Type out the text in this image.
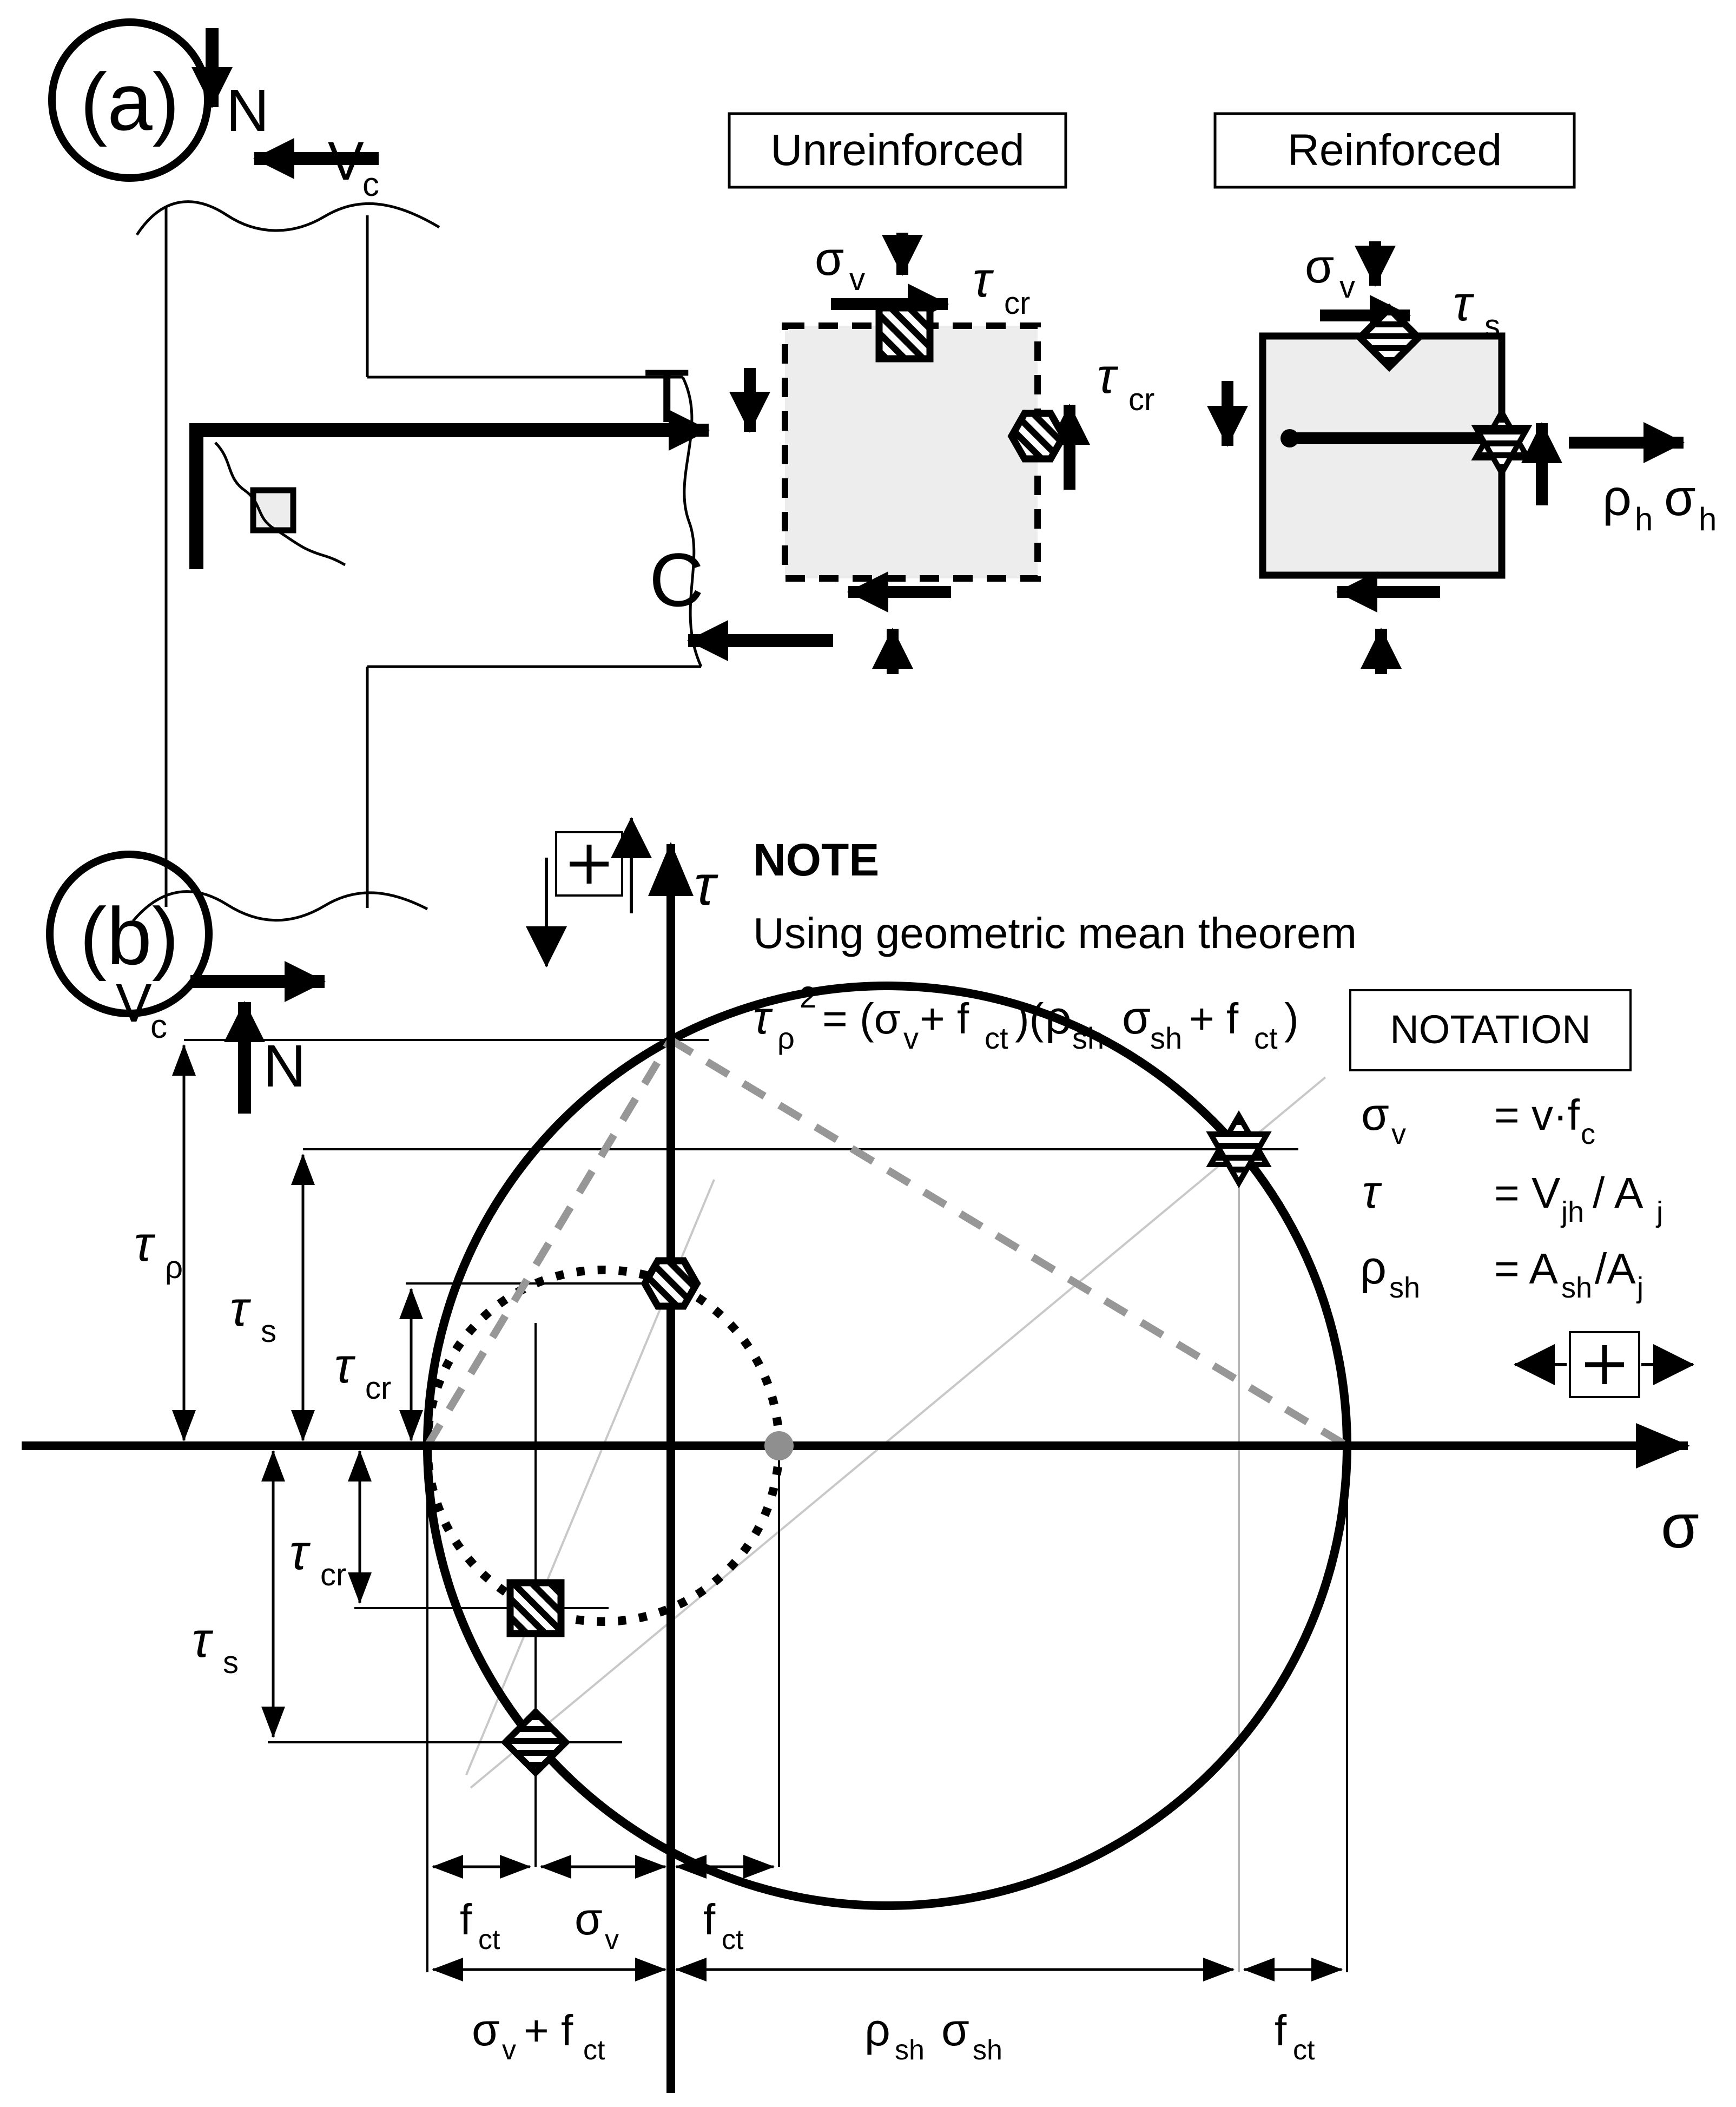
(a) N
V c
T
C
V c
N
Unreinforced
σ v τ cr
τ cr
Reinforced
σ v τ s
ρ h σ h
(b)
σ
τ
τ ρ
τ s
τ cr
τ cr
τ s
f ct σ v f ct
σ v + f ct	ρ sh σ sh	f ct
NOTE
Using geometric mean theorem
τ ρ 2 = (σ v + f ct )( ρ sh σ sh + f ct ) NOTATION
σ v = v·f c
τ	= V jh / A j
ρ sh = A sh /A j
